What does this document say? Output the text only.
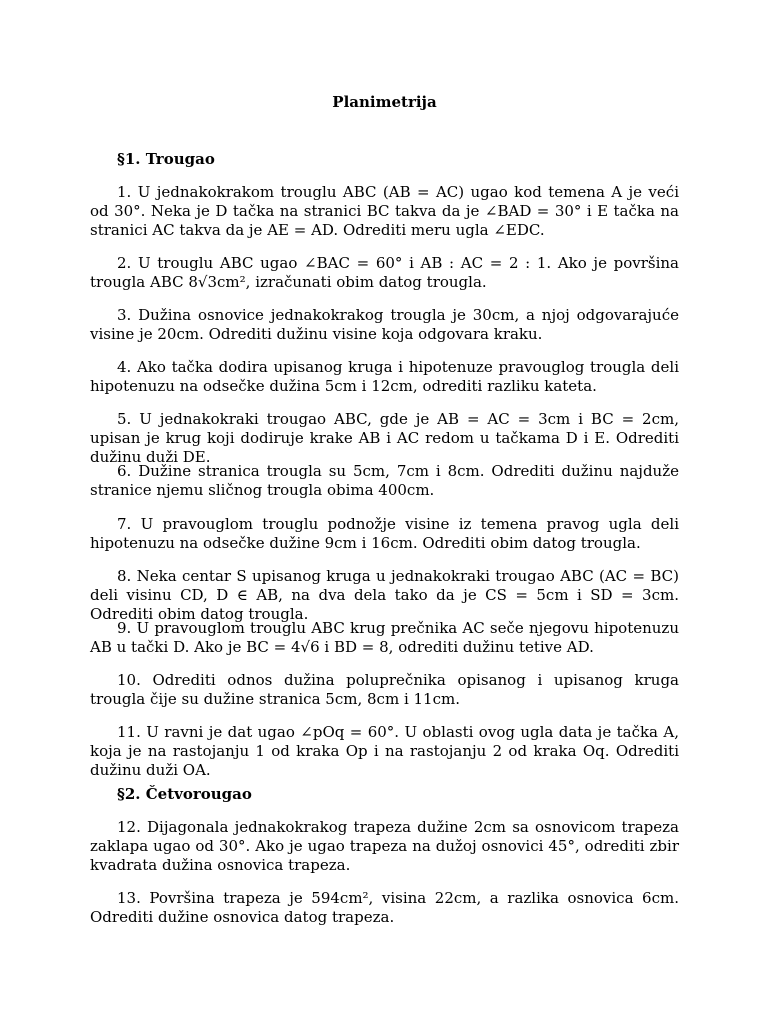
Planimetrija
§1. Trougao
1. U jednakokrakom trouglu ABC (AB = AC) ugao kod temena A je veći od 30°. Neka je D tačka na stranici BC takva da je ∠BAD = 30° i E tačka na stranici AC takva da je AE = AD. Odrediti meru ugla ∠EDC.
2. U trouglu ABC ugao ∠BAC = 60° i AB : AC = 2 : 1. Ako je površina trougla ABC 8√3cm², izračunati obim datog trougla.
3. Dužina osnovice jednakokrakog trougla je 30cm, a njoj odgovarajuće visine je 20cm. Odrediti dužinu visine koja odgovara kraku.
4. Ako tačka dodira upisanog kruga i hipotenuze pravouglog trougla deli hipotenuzu na odsečke dužina 5cm i 12cm, odrediti razliku kateta.
5. U jednakokraki trougao ABC, gde je AB = AC = 3cm i BC = 2cm, upisan je krug koji dodiruje krake AB i AC redom u tačkama D i E. Odrediti dužinu duži DE.
6. Dužine stranica trougla su 5cm, 7cm i 8cm. Odrediti dužinu najduže stranice njemu sličnog trougla obima 400cm.
7. U pravouglom trouglu podnožje visine iz temena pravog ugla deli hipotenuzu na odsečke dužine 9cm i 16cm. Odrediti obim datog trougla.
8. Neka centar S upisanog kruga u jednakokraki trougao ABC (AC = BC) deli visinu CD, D ∈ AB, na dva dela tako da je CS = 5cm i SD = 3cm. Odrediti obim datog trougla.
9. U pravouglom trouglu ABC krug prečnika AC seče njegovu hipotenuzu AB u tački D. Ako je BC = 4√6 i BD = 8, odrediti dužinu tetive AD.
10. Odrediti odnos dužina poluprečnika opisanog i upisanog kruga trougla čije su dužine stranica 5cm, 8cm i 11cm.
11. U ravni je dat ugao ∠pOq = 60°. U oblasti ovog ugla data je tačka A, koja je na rastojanju 1 od kraka Op i na rastojanju 2 od kraka Oq. Odrediti dužinu duži OA.
§2. Četvorougao
12. Dijagonala jednakokrakog trapeza dužine 2cm sa osnovicom trapeza zaklapa ugao od 30°. Ako je ugao trapeza na dužoj osnovici 45°, odrediti zbir kvadrata dužina osnovica trapeza.
13. Površina trapeza je 594cm², visina 22cm, a razlika osnovica 6cm. Odrediti dužine osnovica datog trapeza.
